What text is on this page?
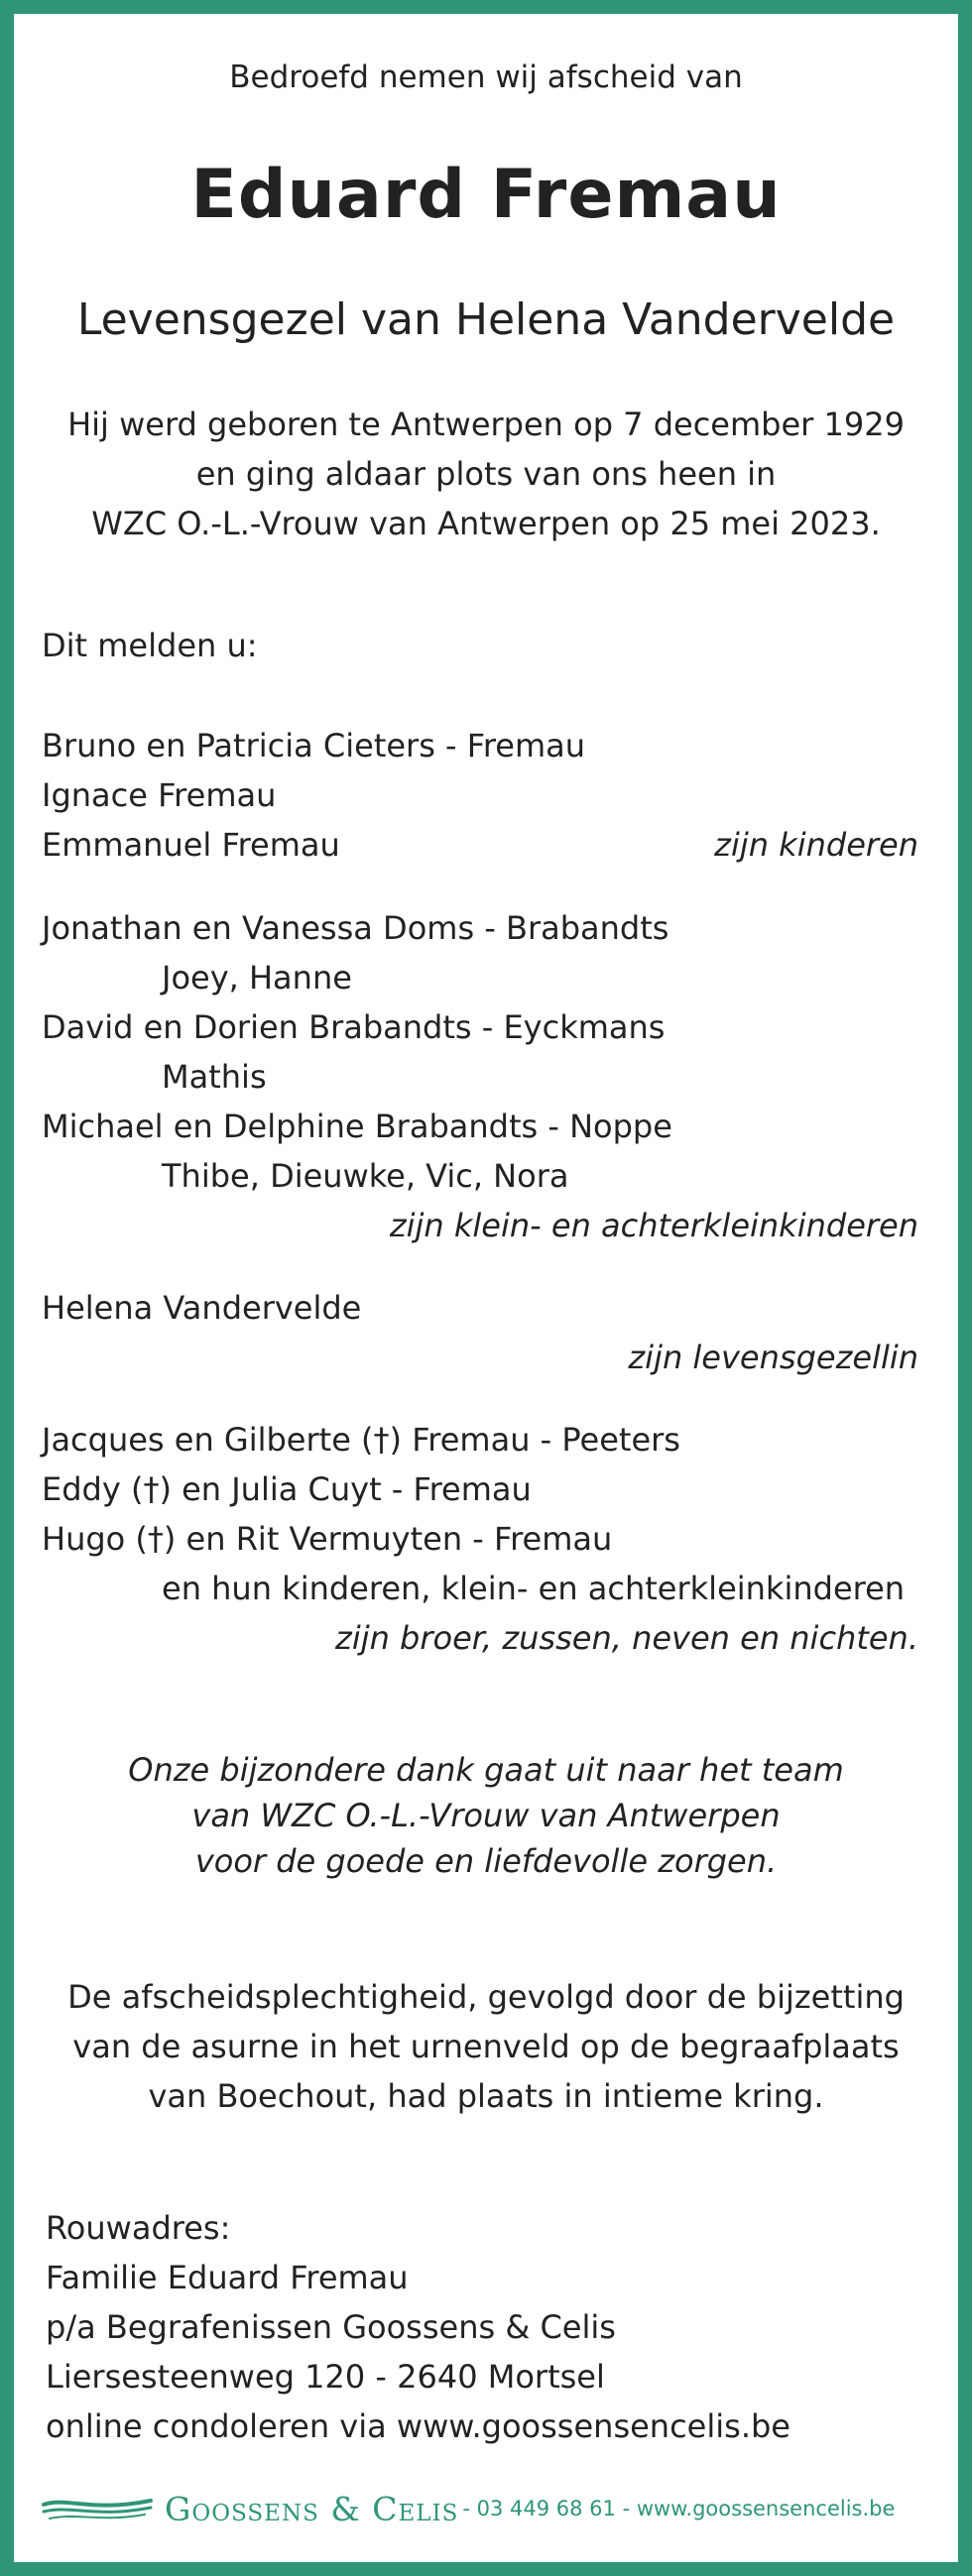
Bedroefd nemen wij afscheid van
Eduard Fremau
Levensgezel van Helena Vandervelde
Hij werd geboren te Antwerpen op 7 december 1929
en ging aldaar plots van ons heen in
WZC O.-L.-Vrouw van Antwerpen op 25 mei 2023.
Dit melden u:
Bruno en Patricia Cieters - Fremau
Ignace Fremau
Emmanuel Fremau	zijn kinderen
Jonathan en Vanessa Doms - Brabandts
Joey, Hanne
David en Dorien Brabandts - Eyckmans
Mathis
Michael en Delphine Brabandts - Noppe
Thibe, Dieuwke, Vic, Nora
zijn klein- en achterkleinkinderen
Helena Vandervelde
zijn levensgezellin
Jacques en Gilberte (†) Fremau - Peeters
Eddy (†) en Julia Cuyt - Fremau
Hugo (†) en Rit Vermuyten - Fremau
en hun kinderen, klein- en achterkleinkinderen
zijn broer, zussen, neven en nichten.
Onze bijzondere dank gaat uit naar het team
van WZC O.-L.-Vrouw van Antwerpen
voor de goede en liefdevolle zorgen.
De afscheidsplechtigheid, gevolgd door de bijzetting
van de asurne in het urnenveld op de begraafplaats
van Boechout, had plaats in intieme kring.
Rouwadres:
Familie Eduard Fremau
p/a Begrafenissen Goossens & Celis
Liersesteenweg 120 - 2640 Mortsel
online condoleren via www.goossensencelis.be
Goossens & Celis - 03 449 68 61 - www.goossensencelis.be
